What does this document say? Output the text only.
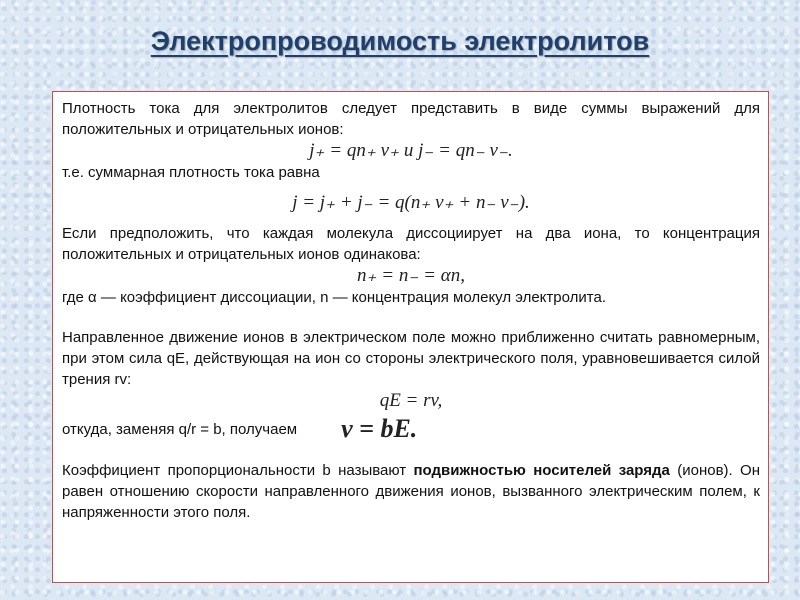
Электропроводимость электролитов

Плотность тока для электролитов следует представить в виде суммы выражений для положительных и отрицательных ионов:

j₊ = qn₊ v₊ и j₋ = qn₋ v₋.

т.е. суммарная плотность тока равна

j = j₊ + j₋ = q(n₊ v₊ + n₋ v₋).

Если предположить, что каждая молекула диссоциирует на два иона, то концентрация положительных и отрицательных ионов одинакова:

n₊ = n₋ = αn,

где α — коэффициент диссоциации, n — концентрация молекул электролита.

Направленное движение ионов в электрическом поле можно приближенно считать равномерным, при этом сила qE, действующая на ион со стороны электрического поля, уравновешивается силой трения rv:

qE = rv,
откуда, заменяя q/r = b, получаем v = bE.

Коэффициент пропорциональности b называют подвижностью носителей заряда (ионов). Он равен отношению скорости направленного движения ионов, вызванного электрическим полем, к напряженности этого поля.
